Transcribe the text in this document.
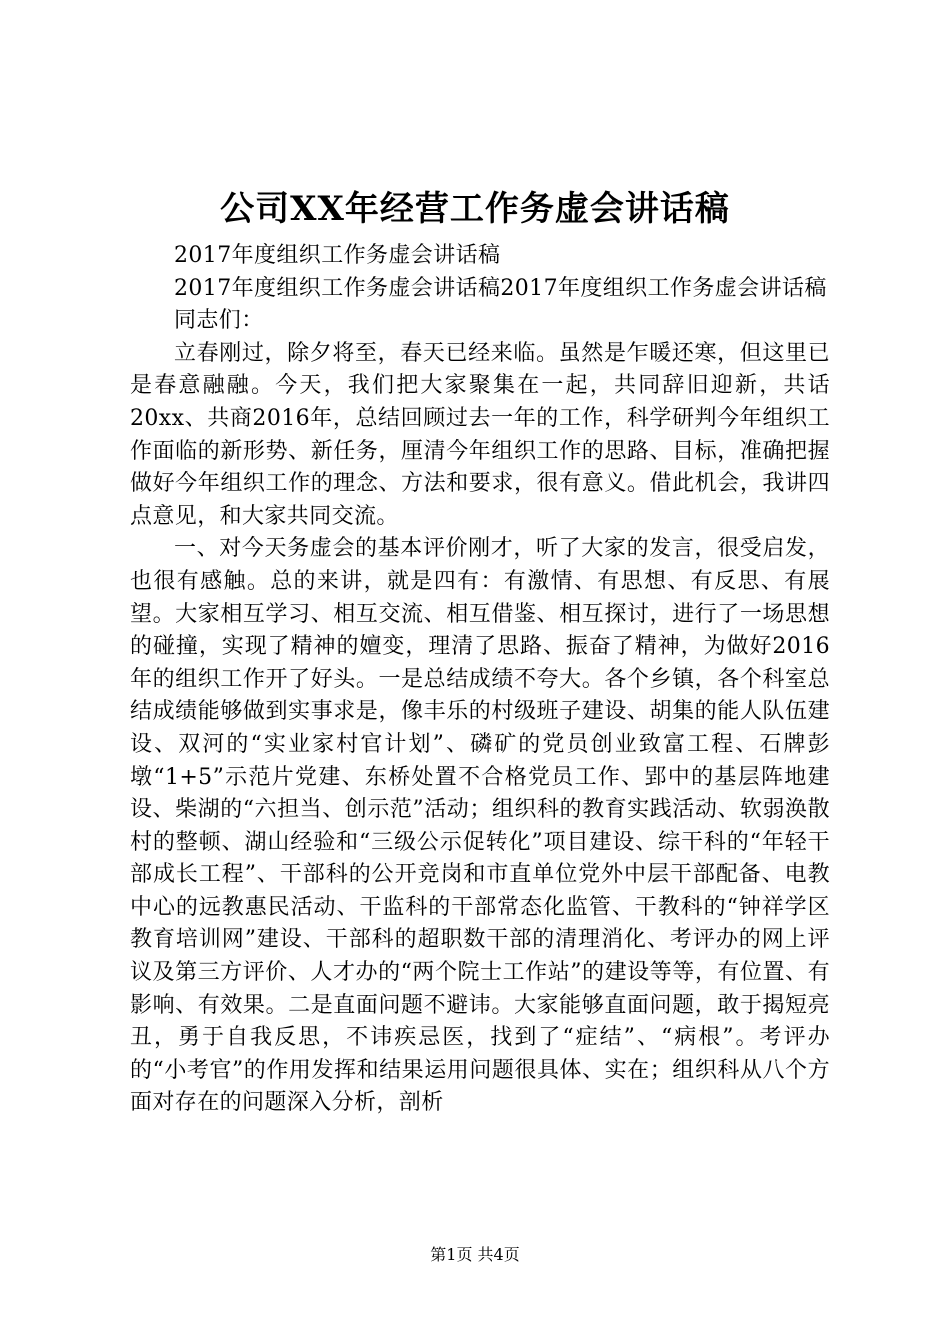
公司XX年经营工作务虚会讲话稿

2017年度组织工作务虚会讲话稿

2017年度组织工作务虚会讲话稿2017年度组织工作务虚会讲话稿

同志们：

立春刚过，除夕将至，春天已经来临。虽然是乍暖还寒，但这里已是春意融融。今天，我们把大家聚集在一起，共同辞旧迎新，共话20xx、共商2016年，总结回顾过去一年的工作，科学研判今年组织工作面临的新形势、新任务，厘清今年组织工作的思路、目标，准确把握做好今年组织工作的理念、方法和要求，很有意义。借此机会，我讲四点意见，和大家共同交流。

一、对今天务虚会的基本评价刚才，听了大家的发言，很受启发，也很有感触。总的来讲，就是四有：有激情、有思想、有反思、有展望。大家相互学习、相互交流、相互借鉴、相互探讨，进行了一场思想的碰撞，实现了精神的嬗变，理清了思路、振奋了精神，为做好2016年的组织工作开了好头。一是总结成绩不夸大。各个乡镇，各个科室总结成绩能够做到实事求是，像丰乐的村级班子建设、胡集的能人队伍建设、双河的“实业家村官计划”、磷矿的党员创业致富工程、石牌彭墩“1+5”示范片党建、东桥处置不合格党员工作、郢中的基层阵地建设、柴湖的“六担当、创示范”活动；组织科的教育实践活动、软弱涣散村的整顿、湖山经验和“三级公示促转化”项目建设、综干科的“年轻干部成长工程”、干部科的公开竞岗和市直单位党外中层干部配备、电教中心的远教惠民活动、干监科的干部常态化监管、干教科的“钟祥学区教育培训网”建设、干部科的超职数干部的清理消化、考评办的网上评议及第三方评价、人才办的“两个院士工作站”的建设等等，有位置、有影响、有效果。二是直面问题不避讳。大家能够直面问题，敢于揭短亮丑，勇于自我反思，不讳疾忌医，找到了“症结”、“病根”。考评办的“小考官”的作用发挥和结果运用问题很具体、实在；组织科从八个方面对存在的问题深入分析，剖析

第1页 共4页
